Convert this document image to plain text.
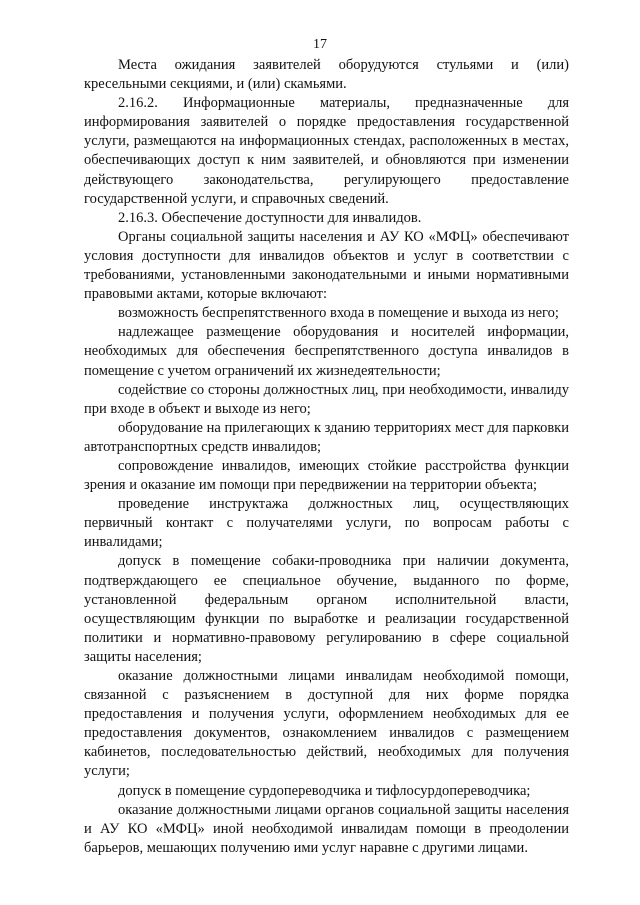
17

Места ожидания заявителей оборудуются стульями и (или) кресельными секциями, и (или) скамьями.

2.16.2. Информационные материалы, предназначенные для информирования заявителей о порядке предоставления государственной услуги, размещаются на информационных стендах, расположенных в местах, обеспечивающих доступ к ним заявителей, и обновляются при изменении действующего законодательства, регулирующего предоставление государственной услуги, и справочных сведений.

2.16.3. Обеспечение доступности для инвалидов.

Органы социальной защиты населения и АУ КО «МФЦ» обеспечивают условия доступности для инвалидов объектов и услуг в соответствии с требованиями, установленными законодательными и иными нормативными правовыми актами, которые включают:

возможность беспрепятственного входа в помещение и выхода из него;

надлежащее размещение оборудования и носителей информации, необходимых для обеспечения беспрепятственного доступа инвалидов в помещение с учетом ограничений их жизнедеятельности;

содействие со стороны должностных лиц, при необходимости, инвалиду при входе в объект и выходе из него;

оборудование на прилегающих к зданию территориях мест для парковки автотранспортных средств инвалидов;

сопровождение инвалидов, имеющих стойкие расстройства функции зрения и оказание им помощи при передвижении на территории объекта;

проведение инструктажа должностных лиц, осуществляющих первичный контакт с получателями услуги, по вопросам работы с инвалидами;

допуск в помещение собаки-проводника при наличии документа, подтверждающего ее специальное обучение, выданного по форме, установленной федеральным органом исполнительной власти, осуществляющим функции по выработке и реализации государственной политики и нормативно-правовому регулированию в сфере социальной защиты населения;

оказание должностными лицами инвалидам необходимой помощи, связанной с разъяснением в доступной для них форме порядка предоставления и получения услуги, оформлением необходимых для ее предоставления документов, ознакомлением инвалидов с размещением кабинетов, последовательностью действий, необходимых для получения услуги;

допуск в помещение сурдопереводчика и тифлосурдопереводчика;

оказание должностными лицами органов социальной защиты населения и АУ КО «МФЦ» иной необходимой инвалидам помощи в преодолении барьеров, мешающих получению ими услуг наравне с другими лицами.
